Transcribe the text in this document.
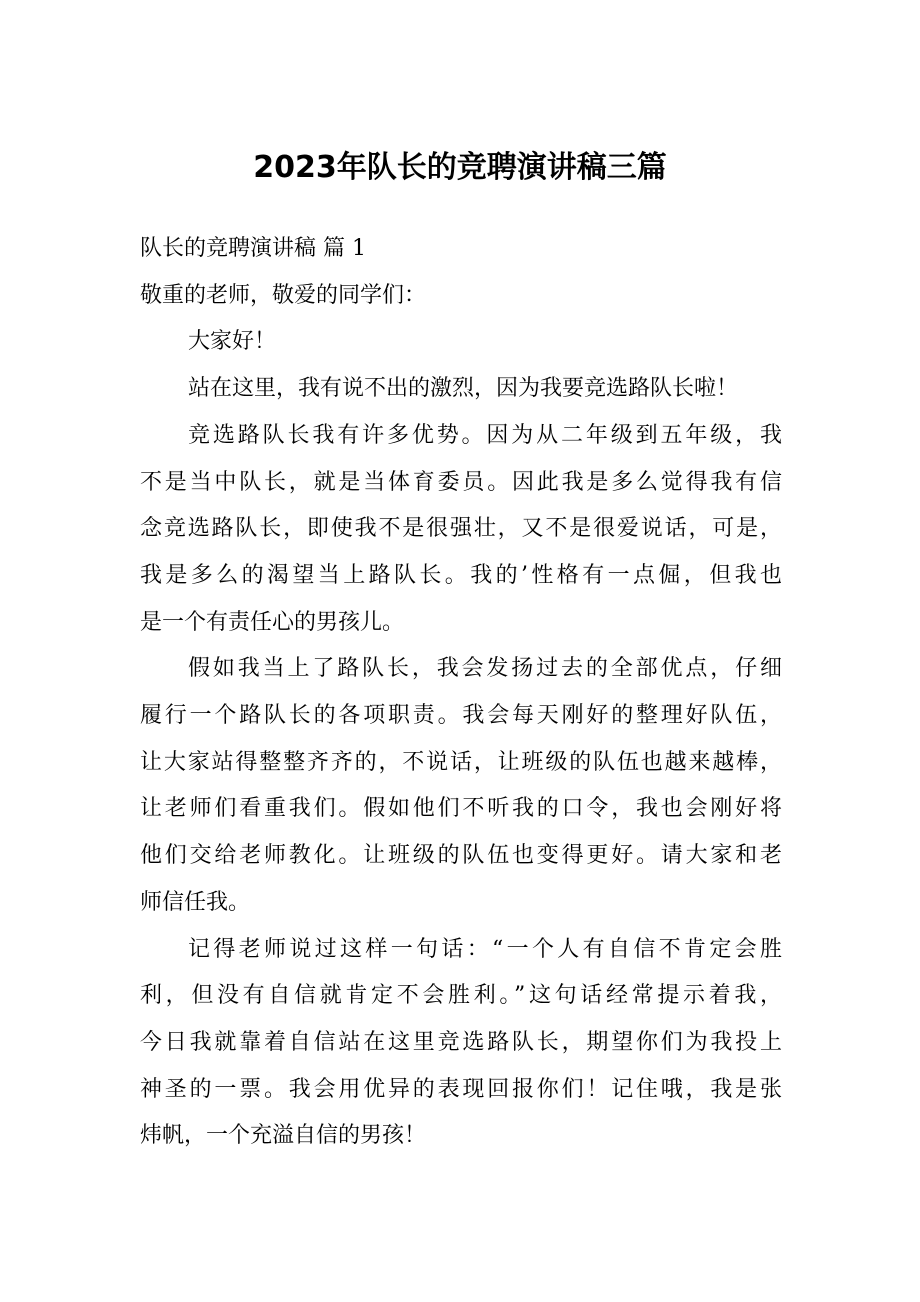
2023年队长的竞聘演讲稿三篇
队长的竞聘演讲稿 篇 1
敬重的老师，敬爱的同学们：
大家好！
站在这里，我有说不出的激烈，因为我要竞选路队长啦！
竞选路队长我有许多优势。因为从二年级到五年级，我
不是当中队长，就是当体育委员。因此我是多么觉得我有信
念竞选路队长，即使我不是很强壮，又不是很爱说话，可是，
我是多么的渴望当上路队长。我的’性格有一点倔，但我也
是一个有责任心的男孩儿。
假如我当上了路队长，我会发扬过去的全部优点，仔细
履行一个路队长的各项职责。我会每天刚好的整理好队伍，
让大家站得整整齐齐的，不说话，让班级的队伍也越来越棒，
让老师们看重我们。假如他们不听我的口令，我也会刚好将
他们交给老师教化。让班级的队伍也变得更好。请大家和老
师信任我。
记得老师说过这样一句话：“一个人有自信不肯定会胜
利，但没有自信就肯定不会胜利。”这句话经常提示着我，
今日我就靠着自信站在这里竞选路队长，期望你们为我投上
神圣的一票。我会用优异的表现回报你们！记住哦，我是张
炜帆，一个充溢自信的男孩！
